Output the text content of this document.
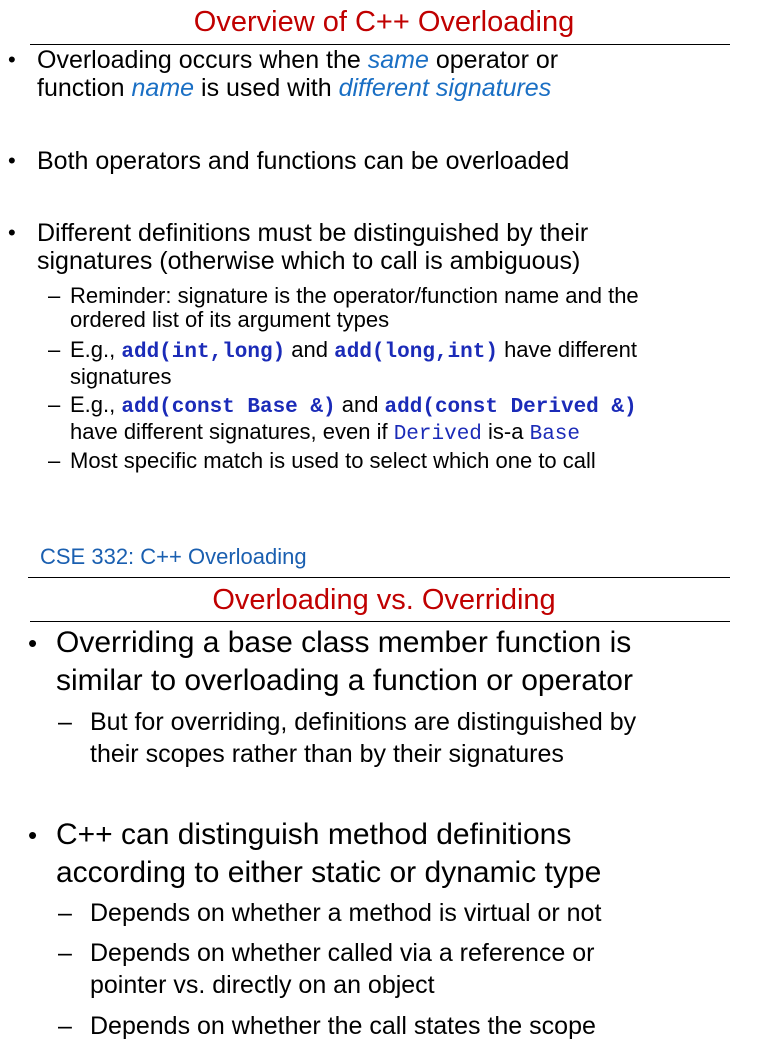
Overview of C++ Overloading
• Overloading occurs when the same operator or
function name is used with different signatures
• Both operators and functions can be overloaded
• Different definitions must be distinguished by their
signatures (otherwise which to call is ambiguous)
– Reminder: signature is the operator/function name and the
ordered list of its argument types
– E.g., add(int,long) and add(long,int) have different
signatures
– E.g., add(const Base &) and add(const Derived &)
have different signatures, even if Derived is-a Base
– Most specific match is used to select which one to call

CSE 332: C++ Overloading

Overloading vs. Overriding
• Overriding a base class member function is
similar to overloading a function or operator
– But for overriding, definitions are distinguished by
their scopes rather than by their signatures
• C++ can distinguish method definitions
according to either static or dynamic type
– Depends on whether a method is virtual or not
– Depends on whether called via a reference or
pointer vs. directly on an object
– Depends on whether the call states the scope
